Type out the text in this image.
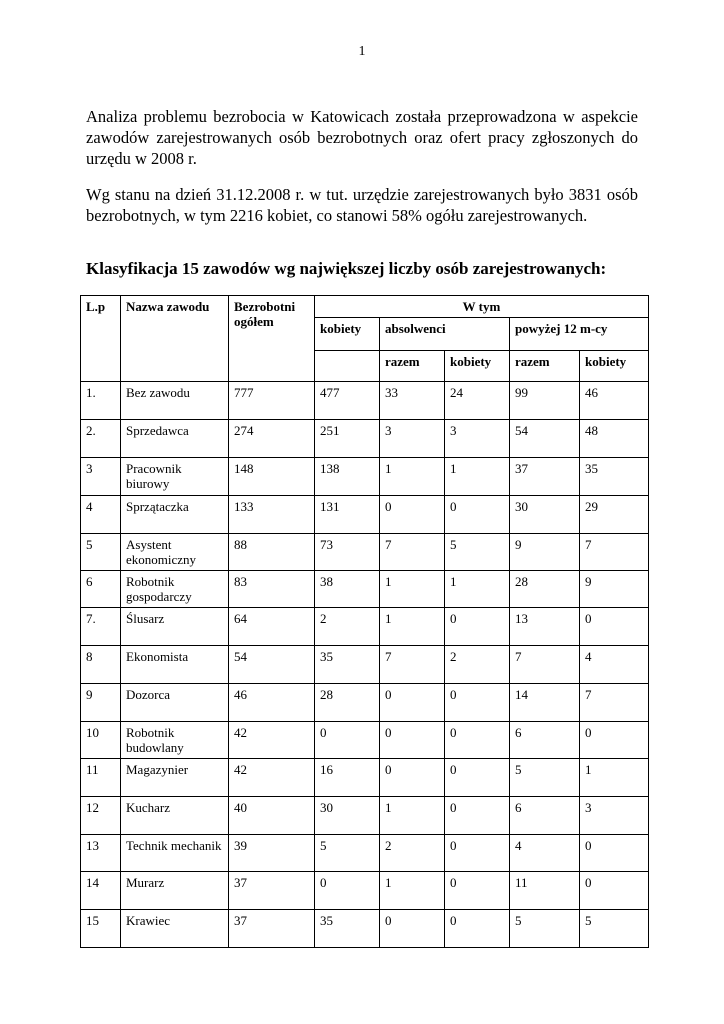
1

Analiza problemu bezrobocia w Katowicach została przeprowadzona w aspekcie zawodów zarejestrowanych osób bezrobotnych oraz ofert pracy zgłoszonych do urzędu w 2008 r.

Wg stanu na dzień 31.12.2008 r. w tut. urzędzie zarejestrowanych było 3831 osób bezrobotnych, w tym 2216 kobiet, co stanowi 58% ogółu zarejestrowanych.

Klasyfikacja 15 zawodów wg największej liczby osób zarejestrowanych:

L.p	Nazwa zawodu	Bezrobotni ogółem	W tym				
			kobiety	absolwenci		powyżej 12 m-cy	
				razem	kobiety	razem	kobiety
1.	Bez zawodu	777	477	33	24	99	46
2.	Sprzedawca	274	251	3	3	54	48
3	Pracownik biurowy	148	138	1	1	37	35
4	Sprzątaczka	133	131	0	0	30	29
5	Asystent ekonomiczny	88	73	7	5	9	7
6	Robotnik gospodarczy	83	38	1	1	28	9
7.	Ślusarz	64	2	1	0	13	0
8	Ekonomista	54	35	7	2	7	4
9	Dozorca	46	28	0	0	14	7
10	Robotnik budowlany	42	0	0	0	6	0
11	Magazynier	42	16	0	0	5	1
12	Kucharz	40	30	1	0	6	3
13	Technik mechanik	39	5	2	0	4	0
14	Murarz	37	0	1	0	11	0
15	Krawiec	37	35	0	0	5	5
